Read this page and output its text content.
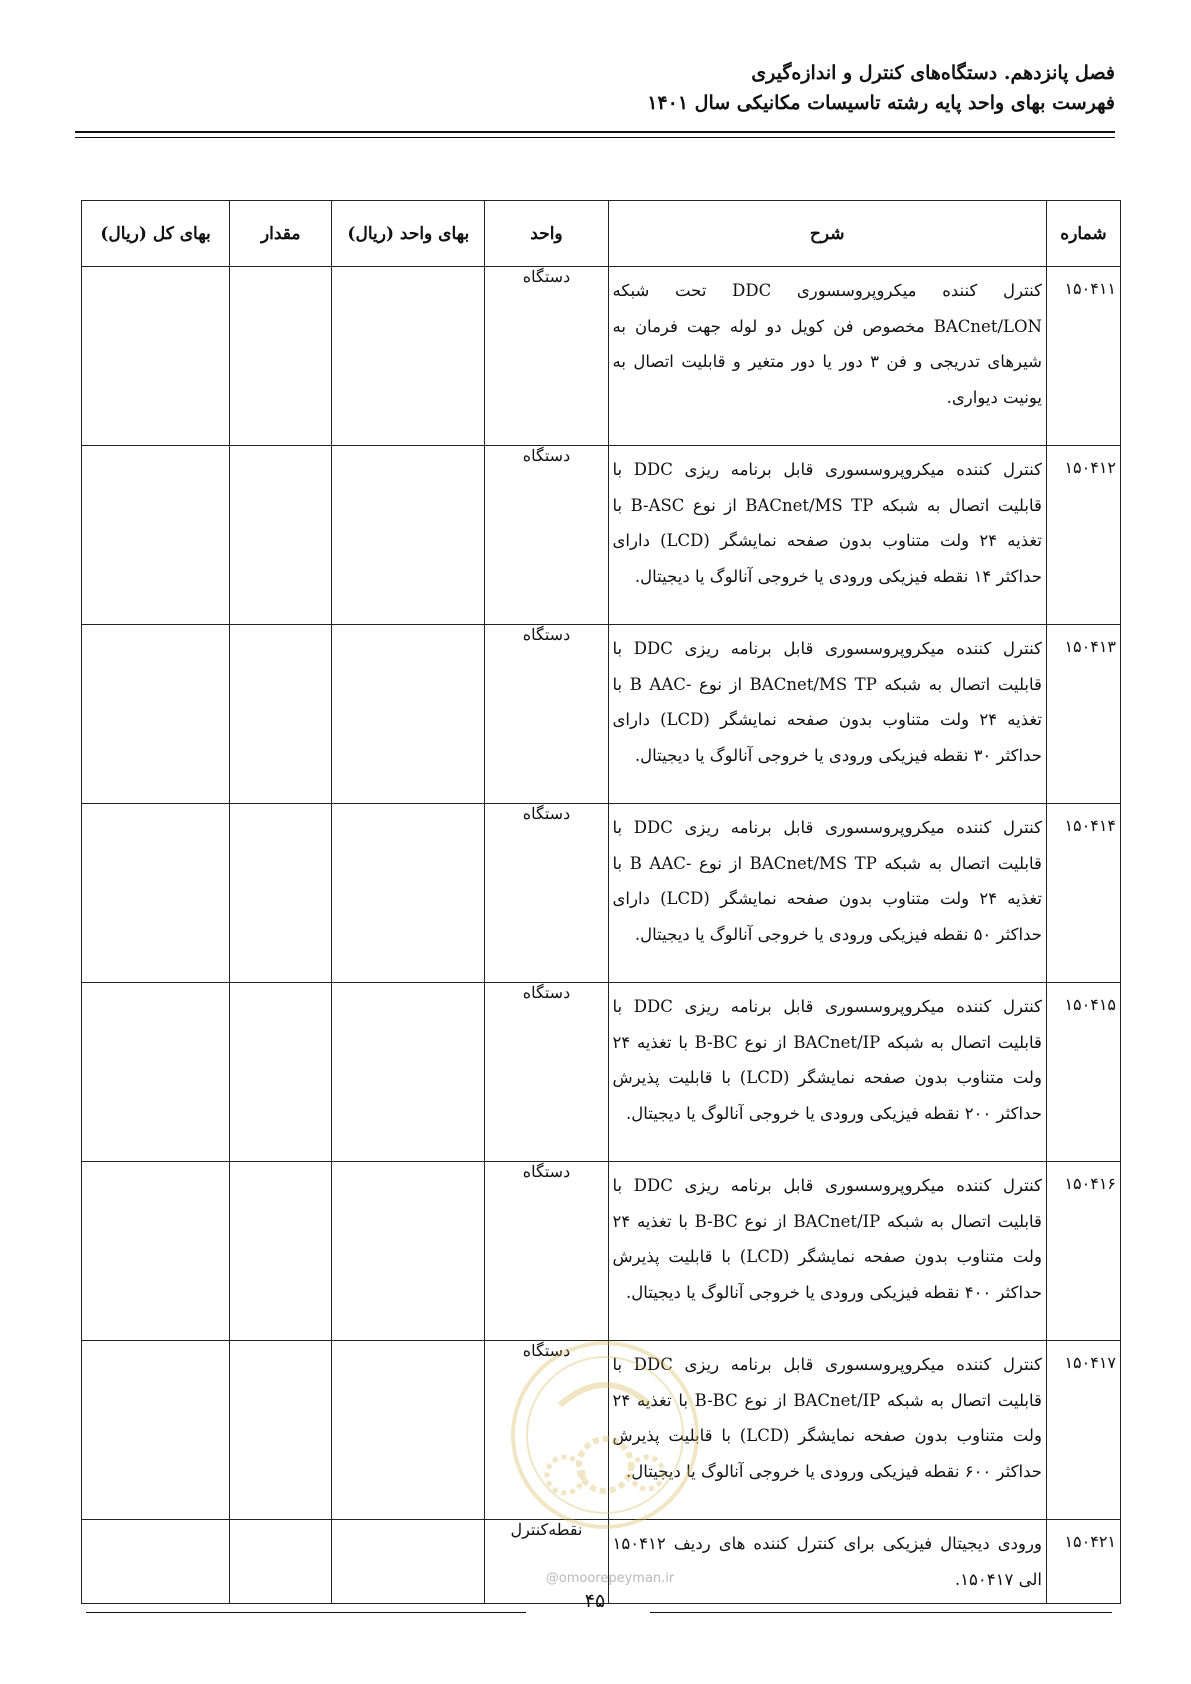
فصل پانزدهم. دستگاه‌های کنترل و اندازه‌گیری
فهرست بهای واحد پایه رشته تاسیسات مکانیکی سال ۱۴۰۱
شماره	شرح	واحد	بهای واحد (ریال)	مقدار	بهای کل (ریال)
۱۵۰۴۱۱	کنترل کننده میکروپروسسوری DDC تحت شبکه BACnet/LON مخصوص فن کویل دو لوله جهت فرمان به شیرهای تدریجی و فن ۳ دور یا دور متغیر و قابلیت اتصال به یونیت دیواری.	دستگاه			
۱۵۰۴۱۲	کنترل کننده میکروپروسسوری قابل برنامه ریزی DDC با قابلیت اتصال به شبکه BACnet/MS TP از نوع B-ASC با تغذیه ۲۴ ولت متناوب بدون صفحه نمایشگر (LCD) دارای حداکثر ۱۴ نقطه فیزیکی ورودی یا خروجی آنالوگ یا دیجیتال.	دستگاه			
۱۵۰۴۱۳	کنترل کننده میکروپروسسوری قابل برنامه ریزی DDC با قابلیت اتصال به شبکه BACnet/MS TP از نوع -B AAC با تغذیه ۲۴ ولت متناوب بدون صفحه نمایشگر (LCD) دارای حداکثر ۳۰ نقطه فیزیکی ورودی یا خروجی آنالوگ یا دیجیتال.	دستگاه			
۱۵۰۴۱۴	کنترل کننده میکروپروسسوری قابل برنامه ریزی DDC با قابلیت اتصال به شبکه BACnet/MS TP از نوع -B AAC با تغذیه ۲۴ ولت متناوب بدون صفحه نمایشگر (LCD) دارای حداکثر ۵۰ نقطه فیزیکی ورودی یا خروجی آنالوگ یا دیجیتال.	دستگاه			
۱۵۰۴۱۵	کنترل کننده میکروپروسسوری قابل برنامه ریزی DDC با قابلیت اتصال به شبکه BACnet/IP از نوع B-BC با تغذیه ۲۴ ولت متناوب بدون صفحه نمایشگر (LCD) با قابلیت پذیرش حداکثر ۲۰۰ نقطه فیزیکی ورودی یا خروجی آنالوگ یا دیجیتال.	دستگاه			
۱۵۰۴۱۶	کنترل کننده میکروپروسسوری قابل برنامه ریزی DDC با قابلیت اتصال به شبکه BACnet/IP از نوع B-BC با تغذیه ۲۴ ولت متناوب بدون صفحه نمایشگر (LCD) با قابلیت پذیرش حداکثر ۴۰۰ نقطه فیزیکی ورودی یا خروجی آنالوگ یا دیجیتال.	دستگاه			
۱۵۰۴۱۷	کنترل کننده میکروپروسسوری قابل برنامه ریزی DDC با قابلیت اتصال به شبکه BACnet/IP از نوع B-BC با تغذیه ۲۴ ولت متناوب بدون صفحه نمایشگر (LCD) با قابلیت پذیرش حداکثر ۶۰۰ نقطه فیزیکی ورودی یا خروجی آنالوگ یا دیجیتال.	دستگاه			
۱۵۰۴۲۱	ورودی دیجیتال فیزیکی برای کنترل کننده های ردیف ۱۵۰۴۱۲ الی ۱۵۰۴۱۷.	نقطه‌کنترل			
@omoorepeyman.ir
۴۵
